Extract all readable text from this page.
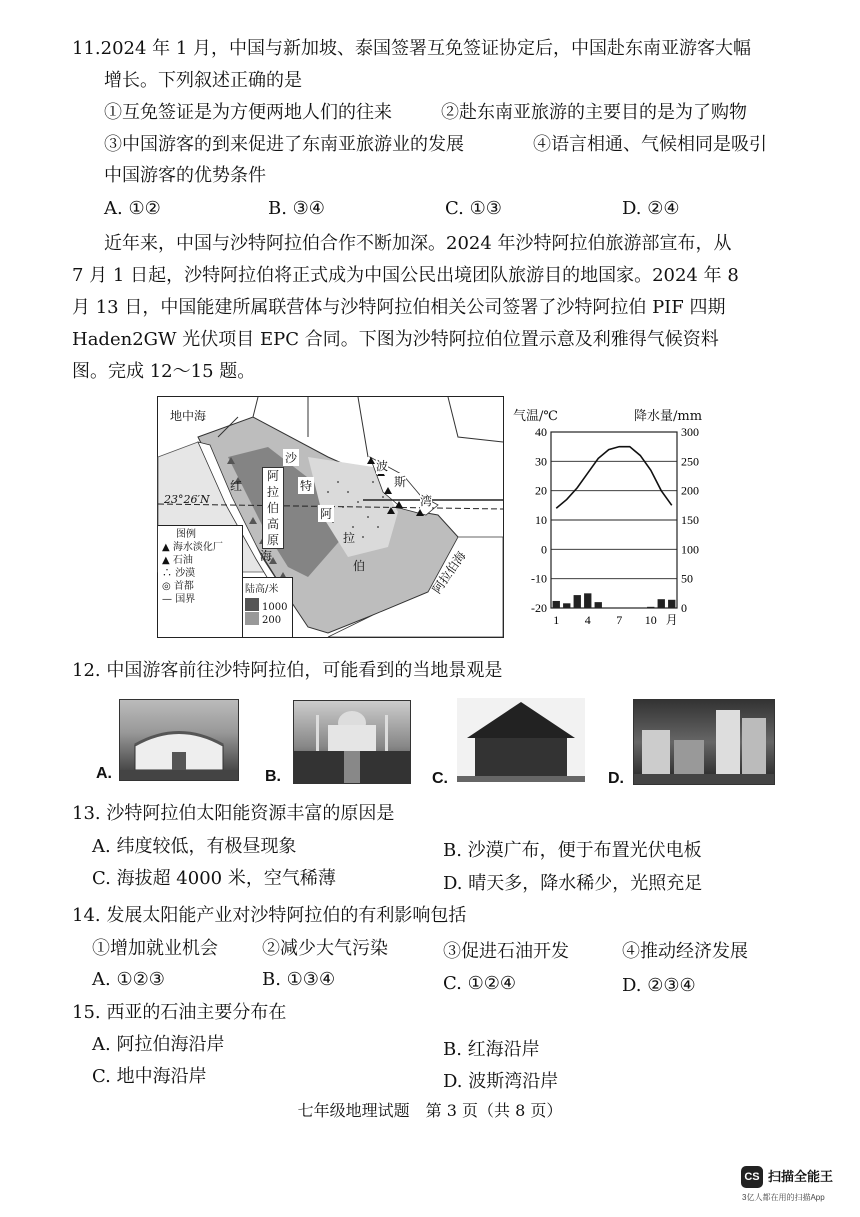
11.2024 年 1 月，中国与新加坡、泰国签署互免签证协定后，中国赴东南亚游客大幅
增长。下列叙述正确的是
①互免签证是为方便两地人们的往来	②赴东南亚旅游的主要目的是为了购物
③中国游客的到来促进了东南亚旅游业的发展	④语言相通、气候相同是吸引
中国游客的优势条件
A. ①②	B. ③④	C. ①③	D. ②④
近年来，中国与沙特阿拉伯合作不断加深。2024 年沙特阿拉伯旅游部宣布，从
7 月 1 日起，沙特阿拉伯将正式成为中国公民出境团队旅游目的地国家。2024 年 8
月 13 日，中国能建所属联营体与沙特阿拉伯相关公司签署了沙特阿拉伯 PIF 四期
Haden2GW 光伏项目 EPC 合同。下图为沙特阿拉伯位置示意及利雅得气候资料
图。完成 12～15 题。
地中海
23°26′N
红
海
沙
特
阿
拉
伯
阿
拉
伯
高
原
波
斯
湾
阿拉伯海
图例
▲ 海水淡化厂
▲ 石油
∴ 沙漠
◎ 首都
— 国界
陆高/米
1000
200
气温/℃	降水量/mm
40	300
30	250
20	200
10	150
0	100
-10	50
-20	0
1 4 7 10 月
12. 中国游客前往沙特阿拉伯，可能看到的当地景观是
A.	B.	C.	D.
13. 沙特阿拉伯太阳能资源丰富的原因是
A. 纬度较低，有极昼现象	B. 沙漠广布，便于布置光伏电板
C. 海拔超 4000 米，空气稀薄	D. 晴天多，降水稀少，光照充足
14. 发展太阳能产业对沙特阿拉伯的有利影响包括
①增加就业机会 ②减少大气污染	③促进石油开发	④推动经济发展
A. ①②③	B. ①③④	C. ①②④	D. ②③④
15. 西亚的石油主要分布在
A. 阿拉伯海沿岸	B. 红海沿岸
C. 地中海沿岸	D. 波斯湾沿岸
七年级地理试题　第 3 页（共 8 页）
CS 扫描全能王
3亿人都在用的扫描App
